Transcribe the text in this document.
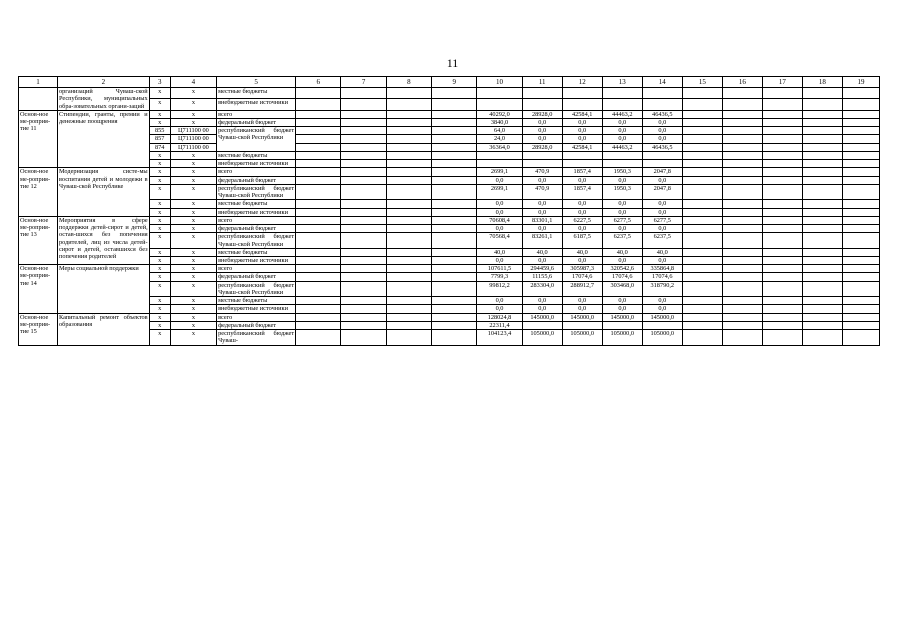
11
1	2	3	4	5	6	7	8	9	10	11	12	13	14	15	16	17	18	19
	организаций Чуваш-ской Республики, муниципальных обра-зовательных органи-заций	x	x	местные бюджеты														
		x	x	внебюджетные источники														
Основ-ное ме-роприя-тие 11	Стипендии, гранты, премии и денежные поощрения	x	x	всего					40292,0	28928,0	42584,1	44463,2	46436,5					
		x	x	федеральный бюджет					3840,0	0,0	0,0	0,0	0,0					
		855	Ц711100 00	республиканский бюджет Чуваш-ской Республики					64,0	0,0	0,0	0,0	0,0					
		857	Ц711100 00						24,0	0,0	0,0	0,0	0,0					
		874	Ц711100 00						36364,0	28928,0	42584,1	44463,2	46436,5					
		x	x	местные бюджеты														
		x	x	внебюджетные источники														
Основ-ное ме-роприя-тие 12	Модернизация систе-мы воспитания детей и молодежи в Чуваш-ской Республике	x	x	всего					2699,1	470,9	1857,4	1950,3	2047,8					
		x	x	федеральный бюджет					0,0	0,0	0,0	0,0	0,0					
		x	x	республиканский бюджет Чуваш-ской Республики					2699,1	470,9	1857,4	1950,3	2047,8					
		x	x	местные бюджеты					0,0	0,0	0,0	0,0	0,0					
		x	x	внебюджетные источники					0,0	0,0	0,0	0,0	0,0					
Основ-ное ме-роприя-тие 13	Мероприятия в сфере поддержки детей-сирот и детей, остав-шихся без попечения родителей, лиц из числа детей-сирот и детей, оставшихся без попечения родителей	x	x	всего					70608,4	83301,1	6227,5	6277,5	6277,5					
		x	x	федеральный бюджет					0,0	0,0	0,0	0,0	0,0					
		x	x	республиканский бюджет Чуваш-ской Республики					70568,4	83261,1	6187,5	6237,5	6237,5					
		x	x	местные бюджеты					40,0	40,0	40,0	40,0	40,0					
		x	x	внебюджетные источники					0,0	0,0	0,0	0,0	0,0					
Основ-ное ме-роприя-тие 14	Меры социальной поддержки	x	x	всего					107611,5	294459,6	305987,3	320542,6	335864,8					
		x	x	федеральный бюджет					7799,3	11155,6	17074,6	17074,6	17074,6					
		x	x	республиканский бюджет Чуваш-ской Республики					99812,2	283304,0	288912,7	303468,0	318790,2					
		x	x	местные бюджеты					0,0	0,0	0,0	0,0	0,0					
		x	x	внебюджетные источники					0,0	0,0	0,0	0,0	0,0					
Основ-ное ме-роприя-тие 15	Капитальный ремонт объектов образования	x	x	всего					128024,8	145000,0	145000,0	145000,0	145000,0					
		x	x	федеральный бюджет					22311,4									
		x	x	республиканский бюджет Чуваш-					104123,4	105000,0	105000,0	105000,0	105000,0					
